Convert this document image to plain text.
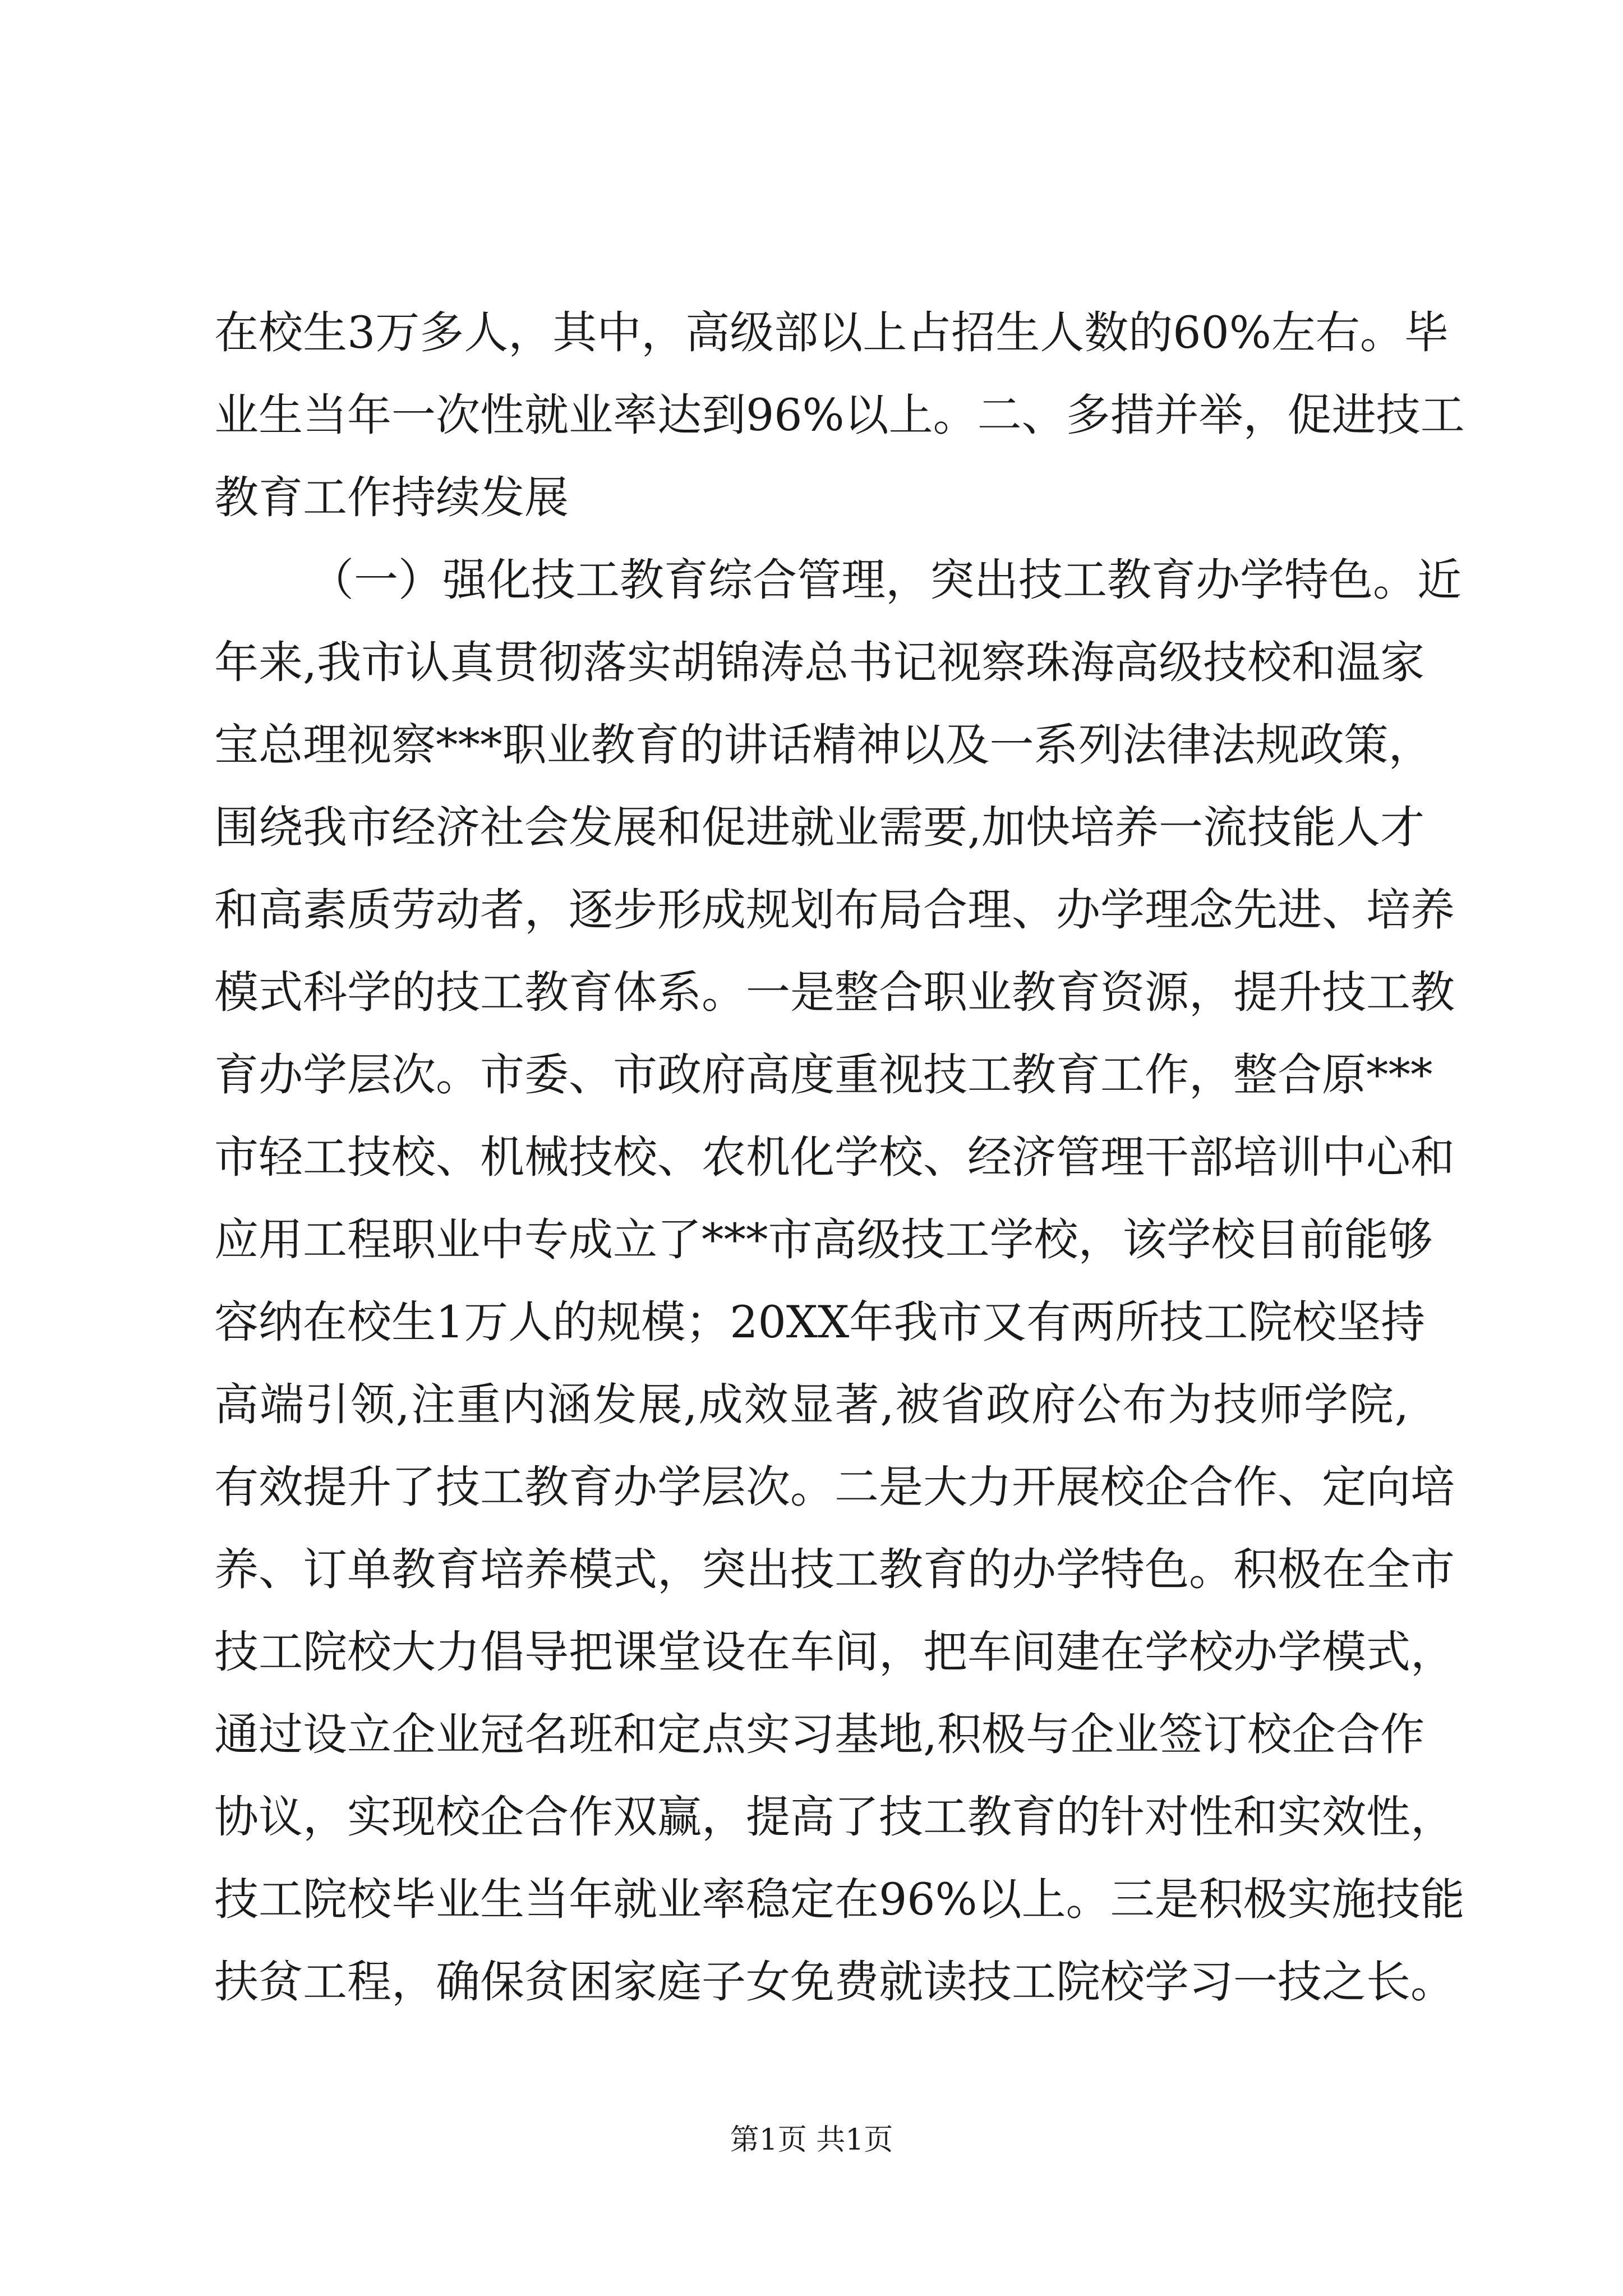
在校生3万多人，其中，高级部以上占招生人数的60%左右。毕
业生当年一次性就业率达到96%以上。二、多措并举，促进技工
教育工作持续发展
（一）强化技工教育综合管理，突出技工教育办学特色。近
年来,我市认真贯彻落实胡锦涛总书记视察珠海高级技校和温家
宝总理视察***职业教育的讲话精神以及一系列法律法规政策，
围绕我市经济社会发展和促进就业需要,加快培养一流技能人才
和高素质劳动者，逐步形成规划布局合理、办学理念先进、培养
模式科学的技工教育体系。一是整合职业教育资源，提升技工教
育办学层次。市委、市政府高度重视技工教育工作，整合原***
市轻工技校、机械技校、农机化学校、经济管理干部培训中心和
应用工程职业中专成立了***市高级技工学校，该学校目前能够
容纳在校生1万人的规模；20XX年我市又有两所技工院校坚持
高端引领,注重内涵发展,成效显著,被省政府公布为技师学院,
有效提升了技工教育办学层次。二是大力开展校企合作、定向培
养、订单教育培养模式，突出技工教育的办学特色。积极在全市
技工院校大力倡导把课堂设在车间，把车间建在学校办学模式，
通过设立企业冠名班和定点实习基地,积极与企业签订校企合作
协议，实现校企合作双赢，提高了技工教育的针对性和实效性，
技工院校毕业生当年就业率稳定在96%以上。三是积极实施技能
扶贫工程，确保贫困家庭子女免费就读技工院校学习一技之长。
第1页 共1页
